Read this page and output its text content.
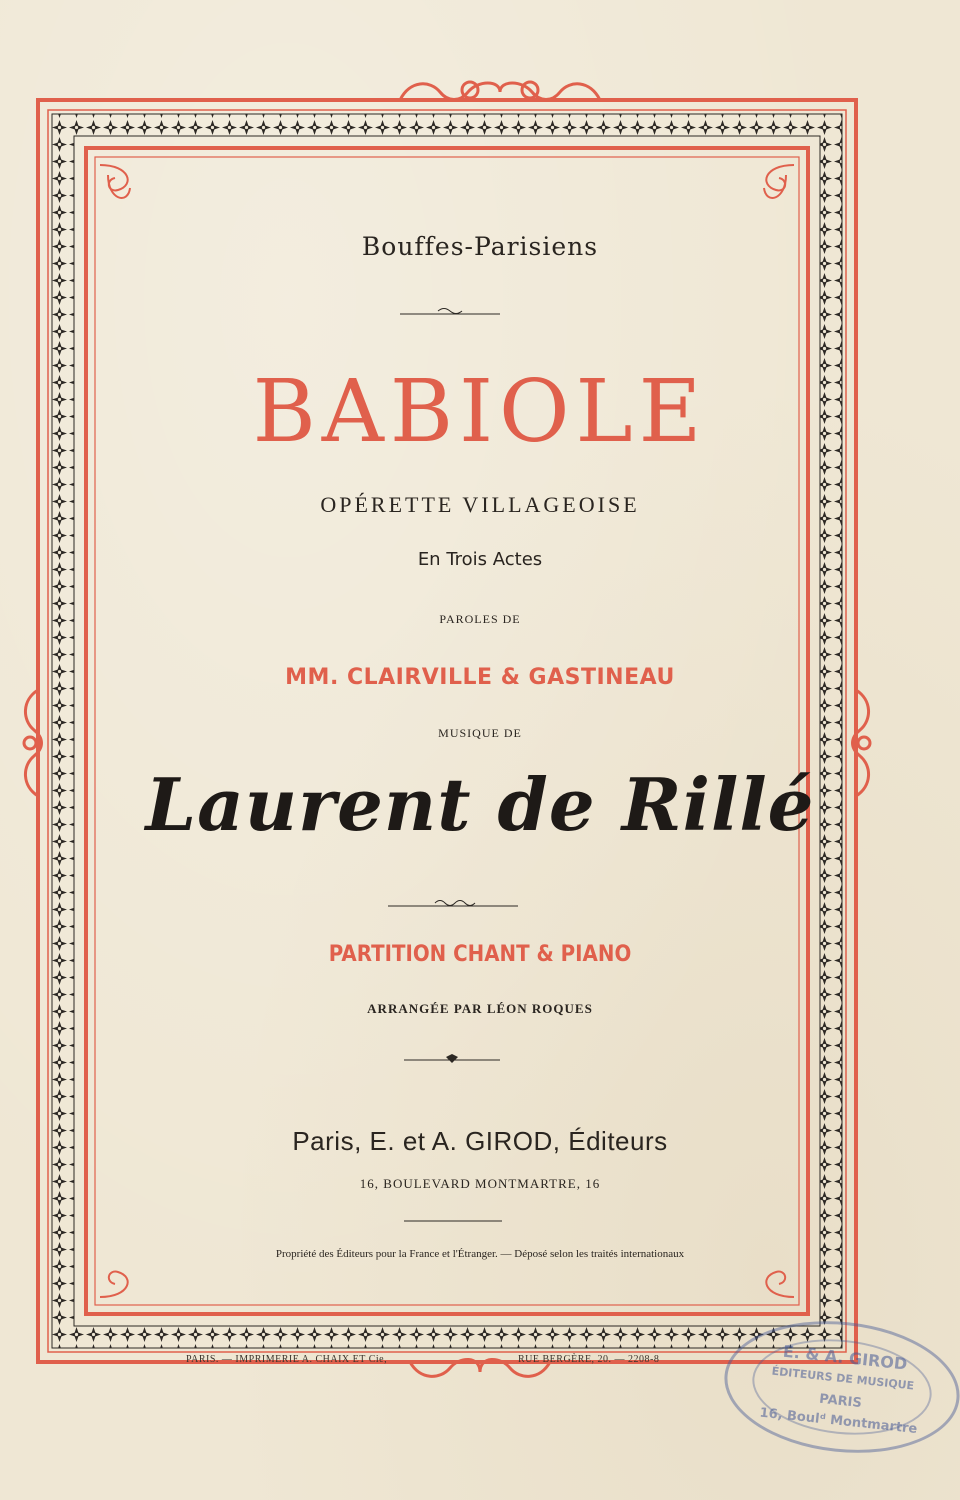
Bouffes-Parisiens
BABIOLE
OPÉRETTE VILLAGEOISE
En Trois Actes
PAROLES DE
MM. CLAIRVILLE & GASTINEAU
MUSIQUE DE
Laurent de Rillé
PARTITION CHANT & PIANO
ARRANGÉE PAR LÉON ROQUES
Paris, E. et A. GIROD, Éditeurs
16, BOULEVARD MONTMARTRE, 16
Propriété des Éditeurs pour la France et l'Étranger. — Déposé selon les traités internationaux
PARIS. — IMPRIMERIE A. CHAIX ET Cie,	RUE BERGÈRE, 20. — 2208-8	E. & A. GIROD
ÉDITEURS DE MUSIQUE
PARIS
16, Boulᵈ Montmartre
